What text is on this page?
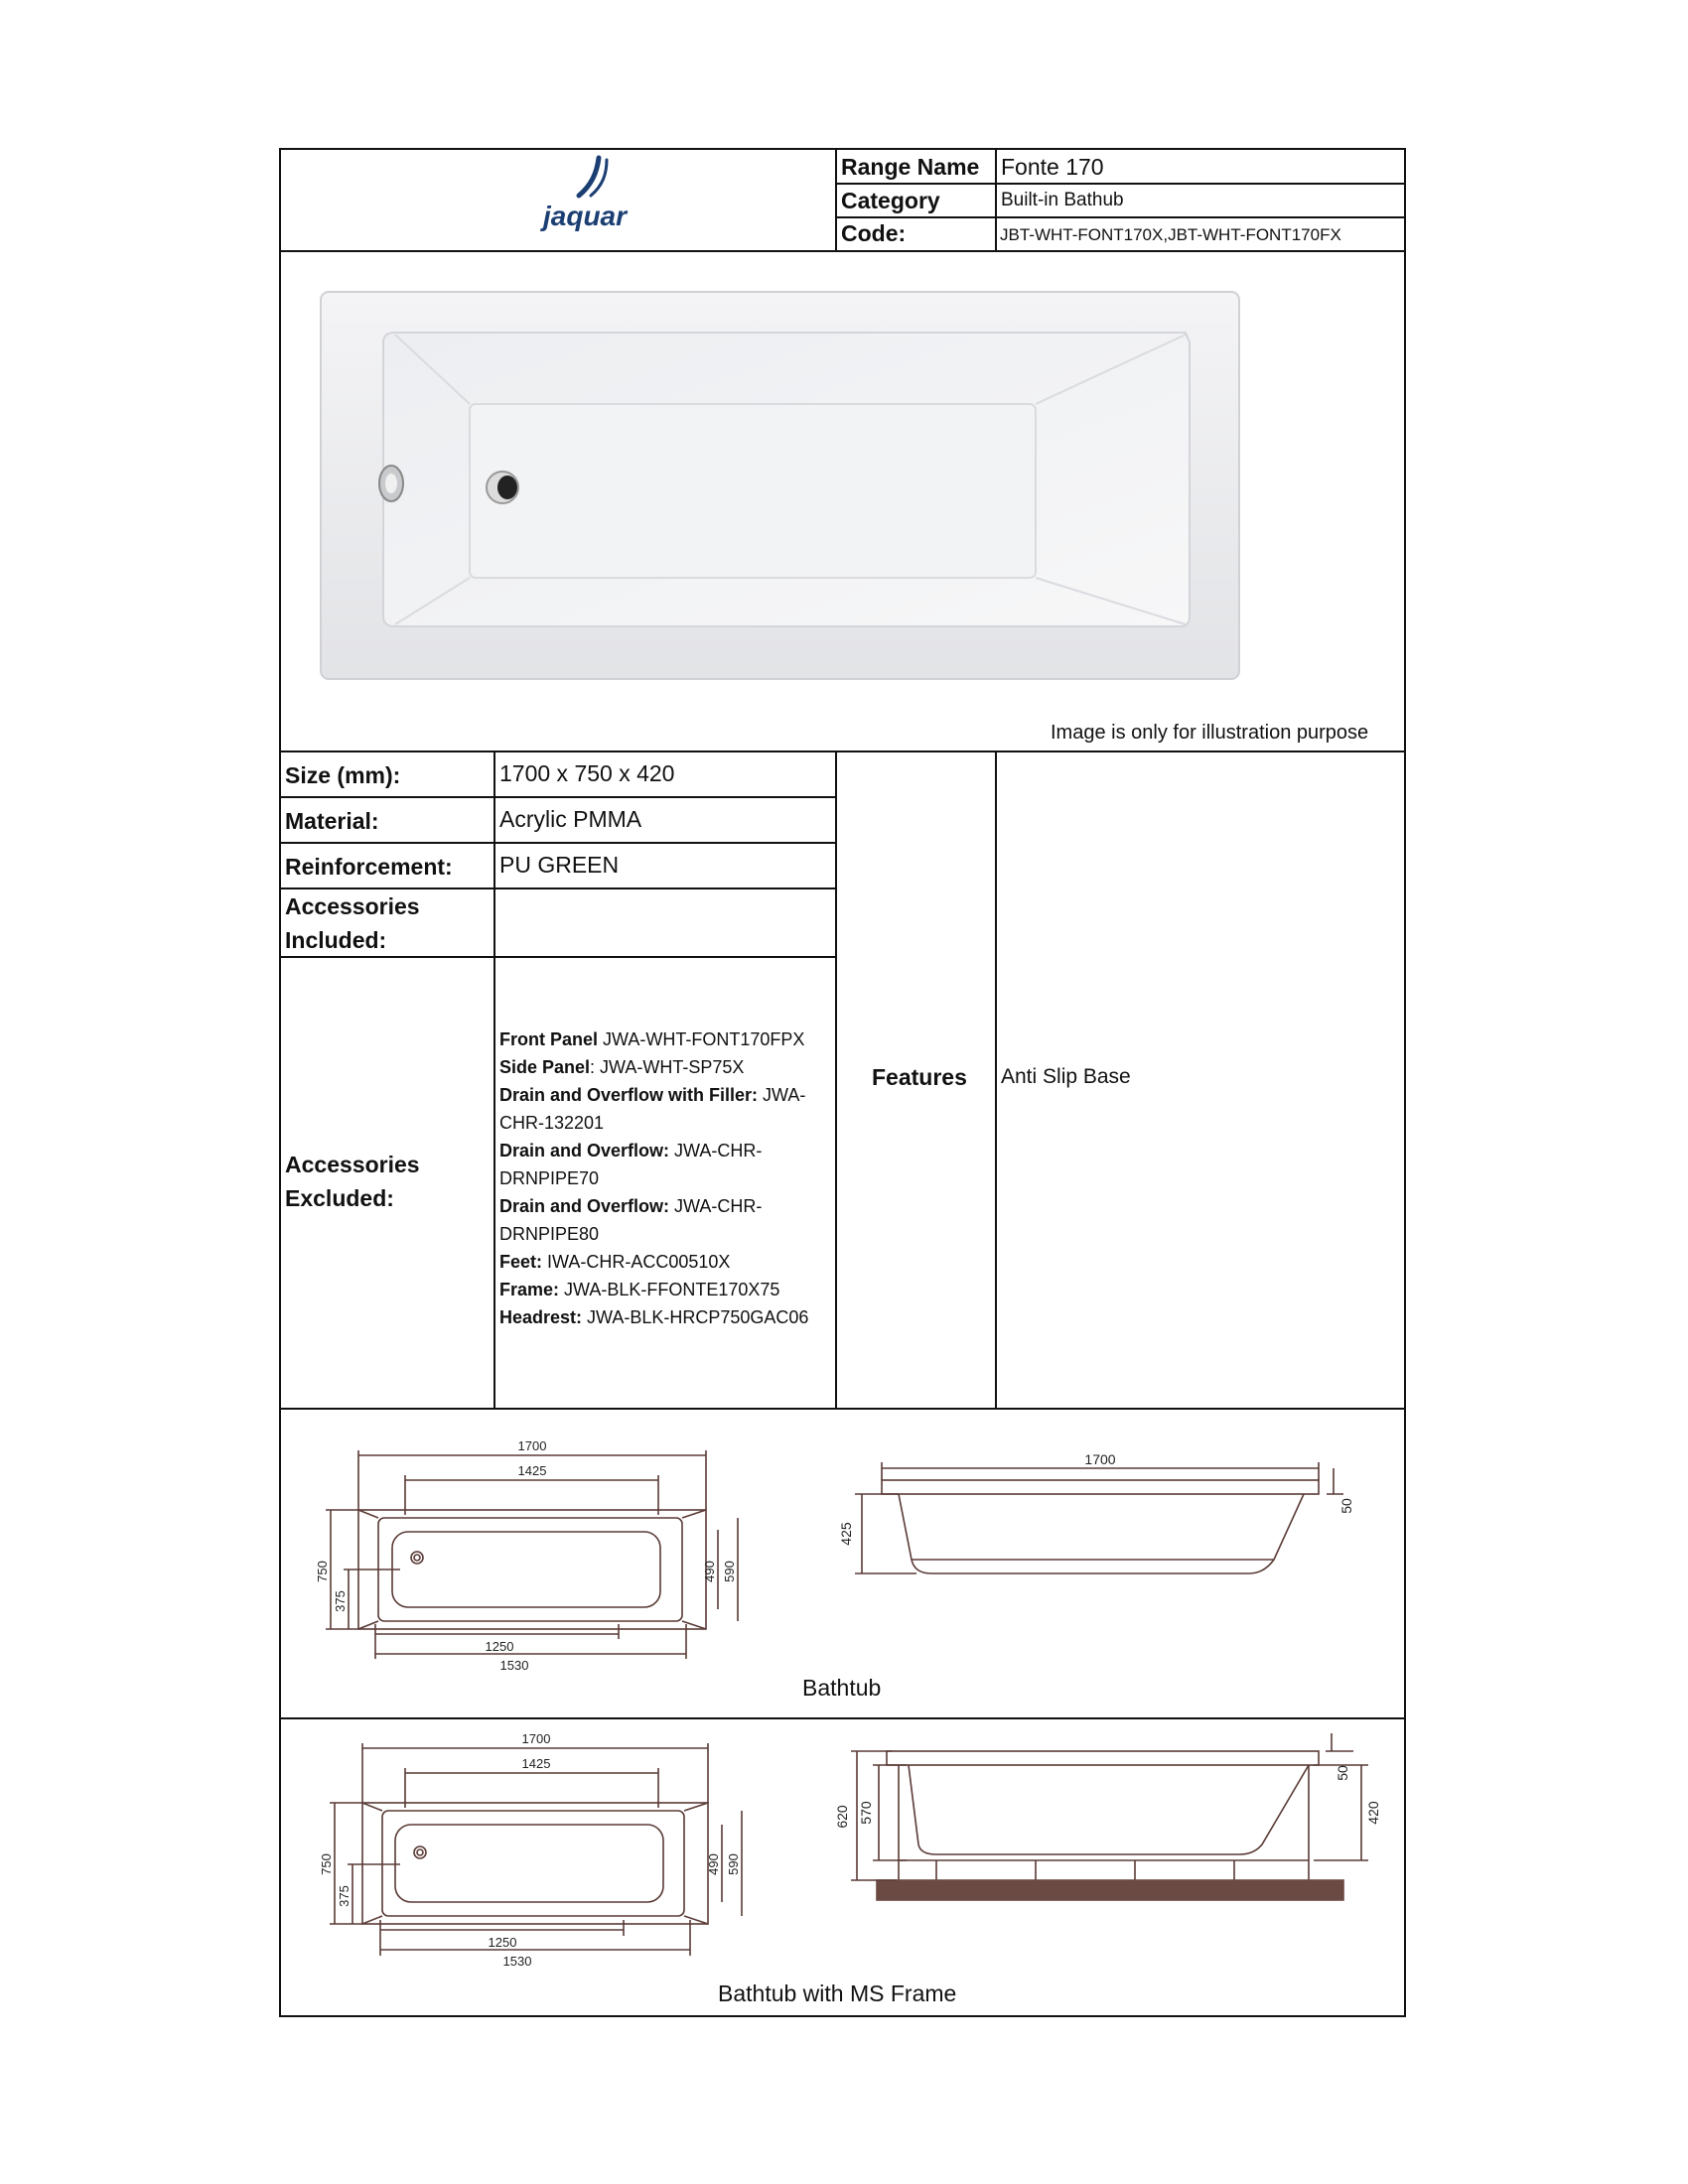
jaquar
Range Name Fonte 170
Category	Built-in Bathub
Code:	JBT-WHT-FONT170X,JBT-WHT-FONT170FX
Image is only for illustration purpose
Size (mm):	1700 x 750 x 420
Material:	Acrylic PMMA
Reinforcement: PU GREEN
Accessories
Included:
Accessories
Excluded:
Front Panel JWA-WHT-FONT170FPX
Side Panel: JWA-WHT-SP75X
Drain and Overflow with Filler: JWA-
CHR-132201
Drain and Overflow: JWA-CHR-
DRNPIPE70
Drain and Overflow: JWA-CHR-
DRNPIPE80
Feet: IWA-CHR-ACC00510X
Frame: JWA-BLK-FFONTE170X75
Headrest: JWA-BLK-HRCP750GAC06
Features Anti Slip Base
1700
1425
1250
1530
750
375
490 590
1700
425
50
Bathtub
1700
1425
1250
1530
750
375
490 590
620 570
50
420
Bathtub with MS Frame
